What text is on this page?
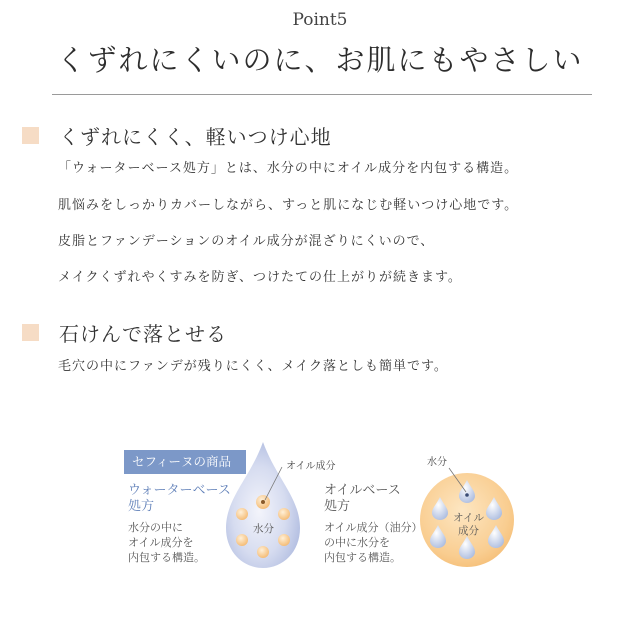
Point5
くずれにくいのに、お肌にもやさしい
くずれにくく、軽いつけ心地
「ウォーターベース処方」とは、水分の中にオイル成分を内包する構造。
肌悩みをしっかりカバーしながら、すっと肌になじむ軽いつけ心地です。
皮脂とファンデーションのオイル成分が混ざりにくいので、
メイクくずれやくすみを防ぎ、つけたての仕上がりが続きます。
石けんで落とせる
毛穴の中にファンデが残りにくく、メイク落としも簡単です。
セフィーヌの商品
ウォーターベース
処方
水分の中に
オイル成分を
内包する構造。
オイル成分
水分
オイルベース
処方
オイル成分（油分）
の中に水分を
内包する構造。
水分
オイル
成分
